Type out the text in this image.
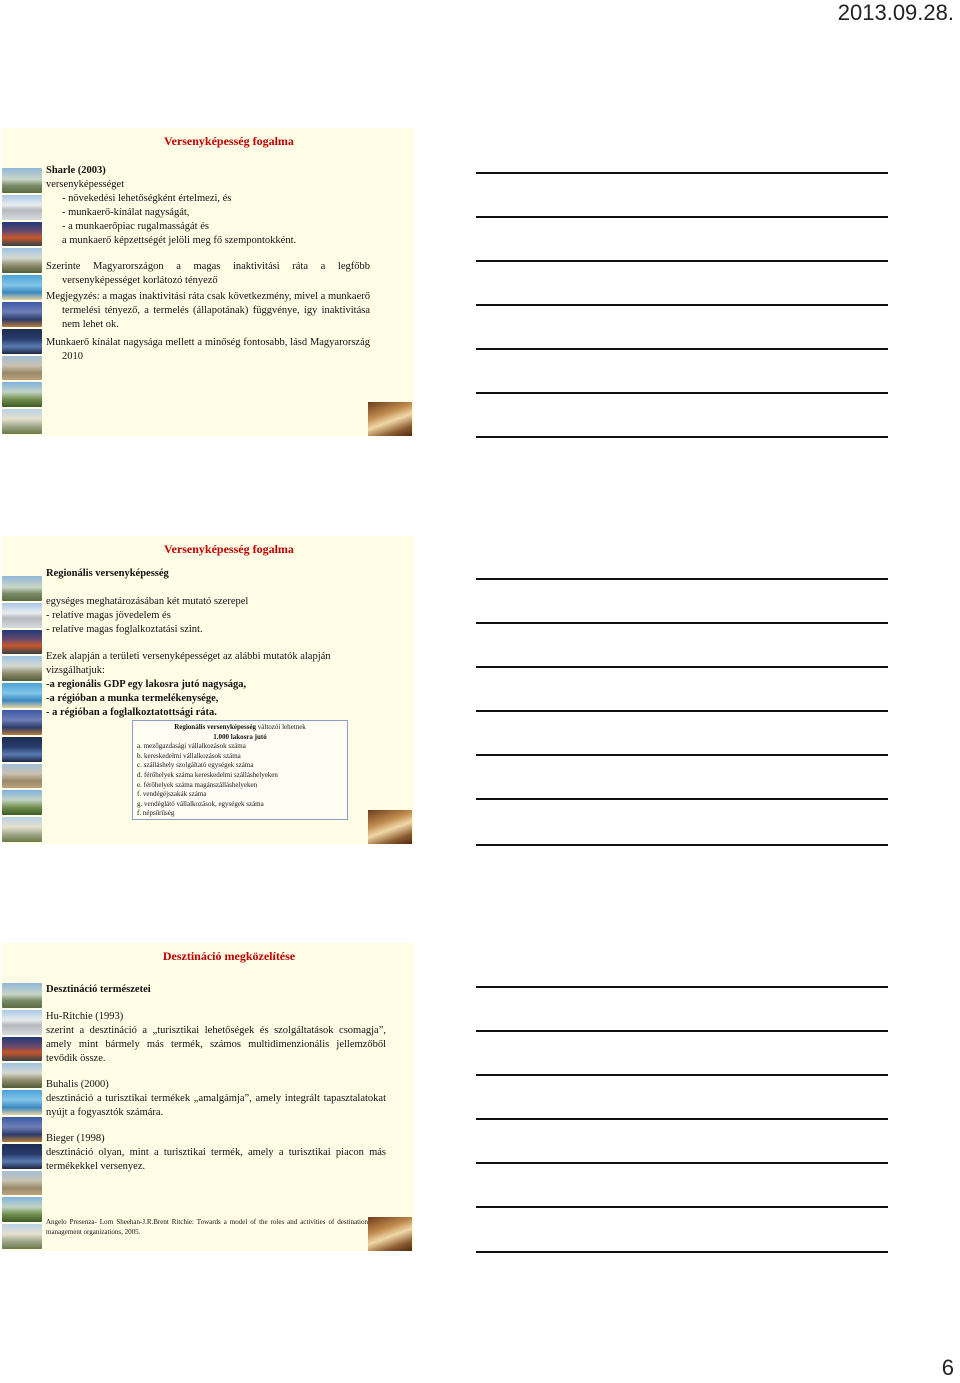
2013.09.28.
Versenyképesség fogalma

Sharle (2003)

versenyképességet

- növekedési lehetőségként értelmezi, és

- munkaerő-kínálat nagyságát,

- a munkaerőpiac rugalmasságát és

a munkaerő képzettségét jelöli meg fő szempontokként.

Szerinte Magyarországon a magas inaktivitási ráta a legfőbb versenyképességet korlátozó tényező

Megjegyzés: a magas inaktivitási ráta csak következmény, mivel a munkaerő termelési tényező, a termelés (állapotának) függvénye, így inaktivitása nem lehet ok.

Munkaerő kínálat nagysága mellett a minőség fontosabb, lásd Magyarország 2010

Versenyképesség fogalma

Regionális versenyképesség

egységes meghatározásában két mutató szerepel

- relatíve magas jövedelem és

- relatíve magas foglalkoztatási szint.

Ezek alapján a területi versenyképességet az alábbi mutatók alapján vizsgálhatjuk:

-a regionális GDP egy lakosra jutó nagysága,

-a régióban a munka termelékenysége,

- a régióban a foglalkoztatottsági ráta.

Regionális versenyképesség változói lehetnek
1.000 lakosra jutó
a. mezőgazdasági vállalkozások száma
b. kereskedelmi vállalkozások száma
c. szálláshely szolgáltató egységek száma
d. férőhelyek száma kereskedelmi szálláshelyeken
e. férőhelyek száma magánszálláshelyeken
f. vendégéjszakák száma
g. vendéglátó vállalkozások, egységek száma
f. népsűrűség
Desztináció megközelítése

Desztináció természetei

Hu-Ritchie (1993)

szerint a desztináció a „turisztikai lehetőségek és szolgáltatások csomagja”, amely mint bármely más termék, számos multidimenzionális jellemzőből tevődik össze.

Buhalis (2000)

desztináció a turisztikai termékek „amalgámja”, amely integrált tapasztalatokat nyújt a fogyasztók számára.

Bieger (1998)

desztináció olyan, mint a turisztikai termék, amely a turisztikai piacon más termékekkel versenyez.

Angelo Presenza- Lorn Sheehan-J.R.Brent Ritchie: Towards a model of the roles and activities of destination management organizations, 2005.
6
